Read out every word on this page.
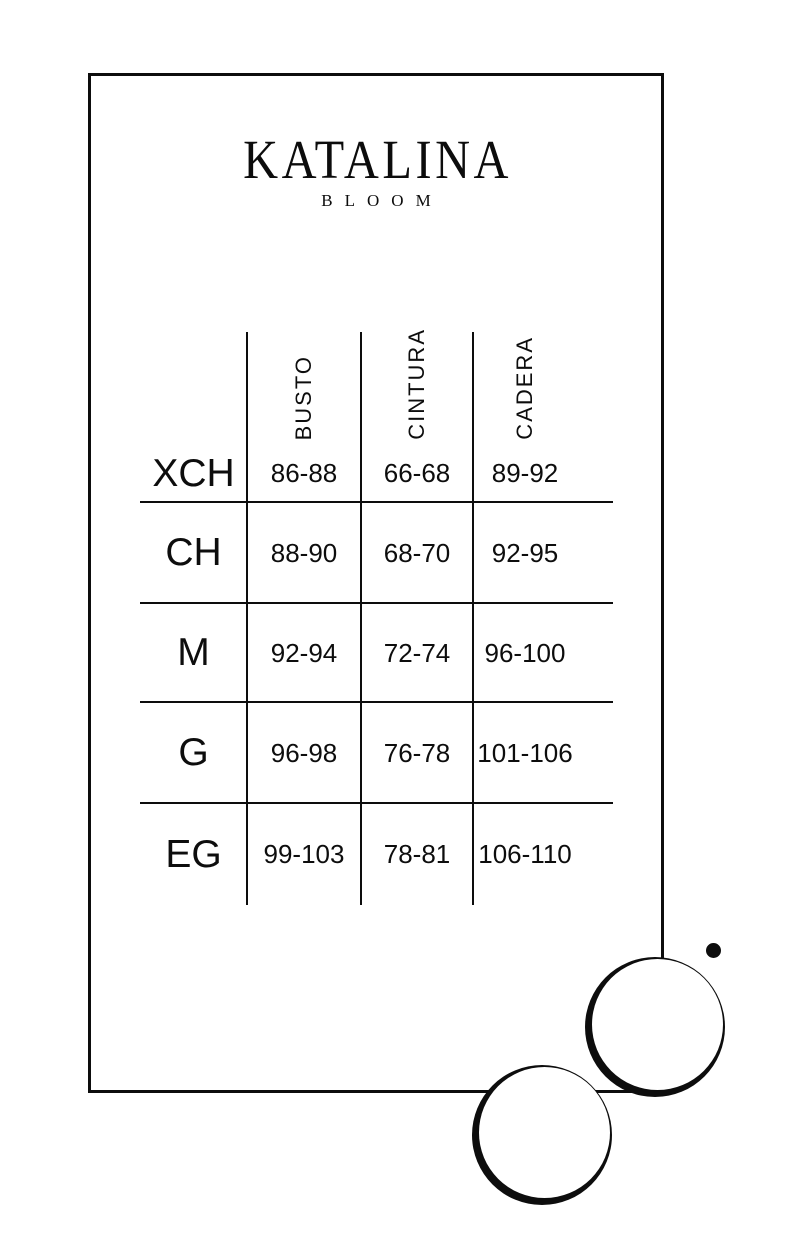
KATALINA
BLOOM
BUSTO	CINTURA	CADERA
XCH	86-88	66-68	89-92
CH	88-90	68-70	92-95
M	92-94	72-74	96-100
G	96-98	76-78	101-106
EG	99-103	78-81	106-110
